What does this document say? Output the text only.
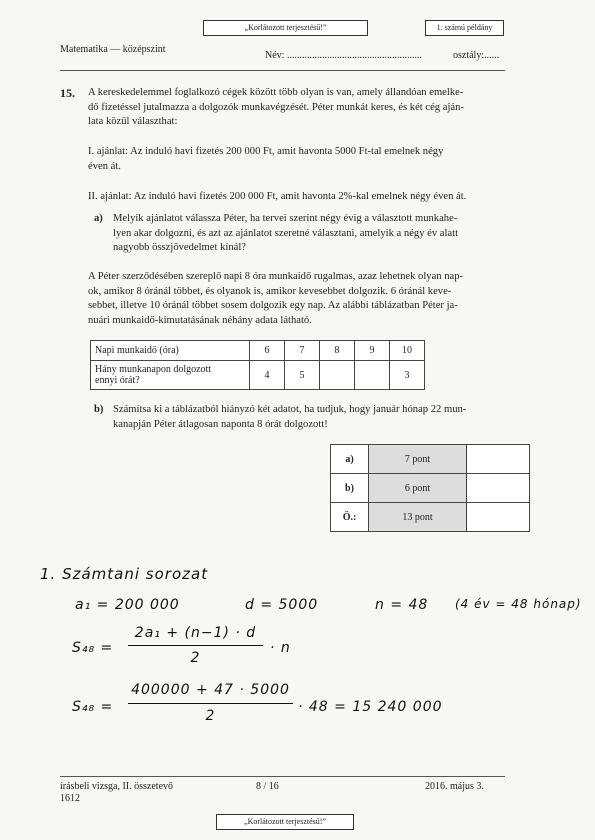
„Korlátozott terjesztésű!”	1. számú példány
Matematika — középszint
Név: ......................................................	osztály:......
15. A kereskedelemmel foglalkozó cégek között több olyan is van, amely állandóan emelke-
dő fizetéssel jutalmazza a dolgozók munkavégzését. Péter munkát keres, és két cég aján-
lata közül választhat:
I. ajánlat: Az induló havi fizetés 200 000 Ft, amit havonta 5000 Ft-tal emelnek négy
éven át.
II. ajánlat: Az induló havi fizetés 200 000 Ft, amit havonta 2%-kal emelnek négy éven át.
a) Melyik ajánlatot válassza Péter, ha tervei szerint négy évig a választott munkahe-
lyen akar dolgozni, és azt az ajánlatot szeretné választani, amelyik a négy év alatt
nagyobb összjövedelmet kínál?
A Péter szerződésében szereplő napi 8 óra munkaidő rugalmas, azaz lehetnek olyan nap-
ok, amikor 8 óránál többet, és olyanok is, amikor kevesebbet dolgozik. 6 óránál keve-
sebbet, illetve 10 óránál többet sosem dolgozik egy nap. Az alábbi táblázatban Péter ja-
nuári munkaidő-kimutatásának néhány adata látható.
Napi munkaidő (óra)	6	7	8	9	10

Hány munkanapon dolgozott
ennyi órát?	4	5			3
b) Számítsa ki a táblázatból hiányzó két adatot, ha tudjuk, hogy január hónap 22 mun-
kanapján Péter átlagosan naponta 8 órát dolgozott!
a)	7 pont	
b)	6 pont	
Ö.:	13 pont	
1. Számtani sorozat
a₁ = 200 000	d = 5000	n = 48 (4 év = 48 hónap)
S₄₈ =
2a₁ + (n−1) · d
2
· n
S₄₈ =
400000 + 47 · 5000
2
· 48 = 15 240 000
írásbeli vizsga, II. összetevő
1612
8 / 16	2016. május 3.
„Korlátozott terjesztésű!”
